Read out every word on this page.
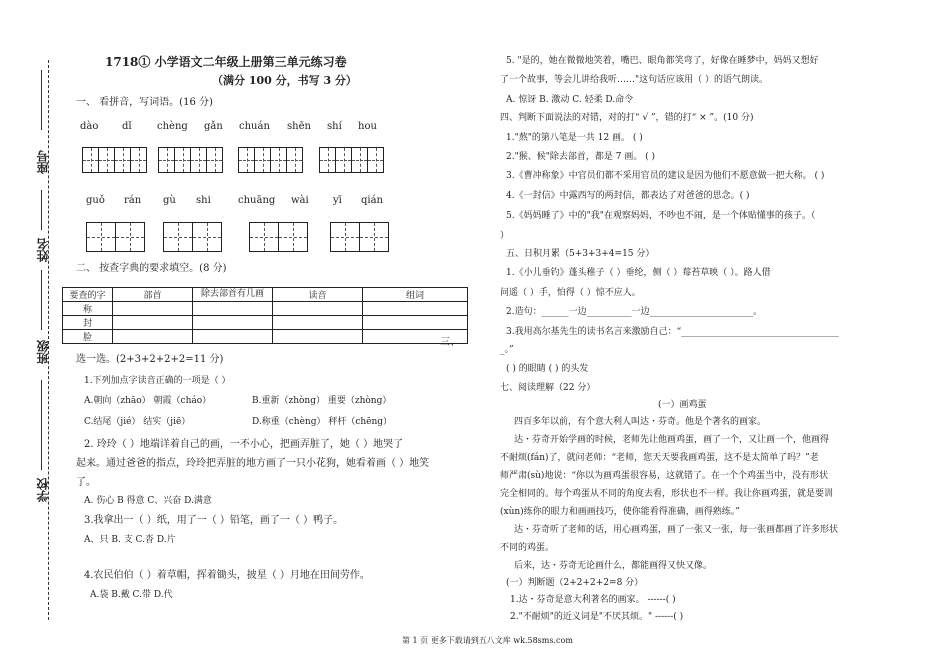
座号
姓名
班级
学校
1718① 小学语文二年级上册第三单元练习卷
（满分 100 分，书写 3 分）
一、 看拼音，写词语。(16 分)
dào dǐ	chèng gǎn chuán shēn shí hou
guǒ rán gù shi	chuāng wài yī qián
二、 按查字典的要求填空。(8 分)
要查的字	部首	除去部首有几画	读音	组词
称				
封				
脸					三、
选一选。(2+3+2+2+2=11 分)
1.下列加点字读音正确的一项是（ ）
A.朝向（zhāo） 朝霞（cháo）	B.重新（zhòng） 重要（zhòng）
C.结尾（jié） 结实（jiē）	D.称重（chèng） 秤杆（chēng）
2. 玲玲（ ）地端详着自己的画，一不小心，把画弄脏了，她（ ）地哭了
起来。通过爸爸的指点，玲玲把弄脏的地方画了一只小花狗，她看着画（ ）地笑
了。
A. 伤心 B 得意 C、兴奋 D.满意
3.我拿出一（ ）纸，用了一（ ）铅笔，画了一（ ）鸭子。
A、只 B. 支 C.沓 D.片
4.农民伯伯（ ）着草帽，挥着锄头，披星（ ）月地在田间劳作。
A.袋 B.戴 C.带 D.代
5. "是的，她在微微地笑着，嘴巴、眼角都笑弯了，好像在睡梦中，妈妈又想好
了一个故事，等会儿讲给我听……"这句话应该用（ ）的语气朗读。
A. 惊讶 B. 激动 C. 轻柔 D.命令
四、判断下面说法的对错，对的打“ √ ”，错的打“ × ”。(10 分)
1."熬"的第八笔是一共 12 画。 ( )
2."猴、候"除去部首，都是 7 画。 ( )
3.《曹冲称象》中官员们都不采用官员的建议是因为他们不愿意做一把大称。 ( )
4.《一封信》中露西写的两封信，都表达了对爸爸的思念。( )
5.《妈妈睡了》中的"我"在观察妈妈，不吵也不闹，是一个体贴懂事的孩子。（
）
五、日积月累（5+3+3+4=15 分）
1.《小儿垂钓》蓬头稚子（ ）垂纶，侧（ ）莓苔草映（ ）。路人借
问遥（ ）手，怕得（ ）惊不应人。
2.造句：______一边__________一边_______________________。
3.我用高尔基先生的读书名言来激励自己：“___________________________________
_。”
( ) 的眼睛 ( ) 的头发
七、阅读理解（22 分）
(一）画鸡蛋
四百多年以前，有个意大利人叫达・芬奇。他是个著名的画家。
达・芬奇开始学画的时候，老师先让他画鸡蛋，画了一个，又让画一个，他画得
不耐烦(fán)了，就问老师：“老师，您天天要我画鸡蛋，这不是太简单了吗？”老
师严肃(sù)地说：“你以为画鸡蛋很容易，这就错了。在一个个鸡蛋当中，没有形状
完全相同的。每个鸡蛋从不同的角度去看，形状也不一样。我让你画鸡蛋，就是要训
(xùn)练你的眼力和画画技巧，使你能看得准确，画得熟练。”
达・芬奇听了老师的话，用心画鸡蛋，画了一张又一张，每一张画都画了许多形状
不同的鸡蛋。
后来，达・芬奇无论画什么，都能画得又快又像。
(一）判断题（2+2+2+2=8 分）
1.达・芬奇是意大利著名的画家。 ------( )
2."不耐烦"的近义词是"不厌其烦。" ------( )
第 1 页 更多下载请到五八文库 wk.58sms.com
